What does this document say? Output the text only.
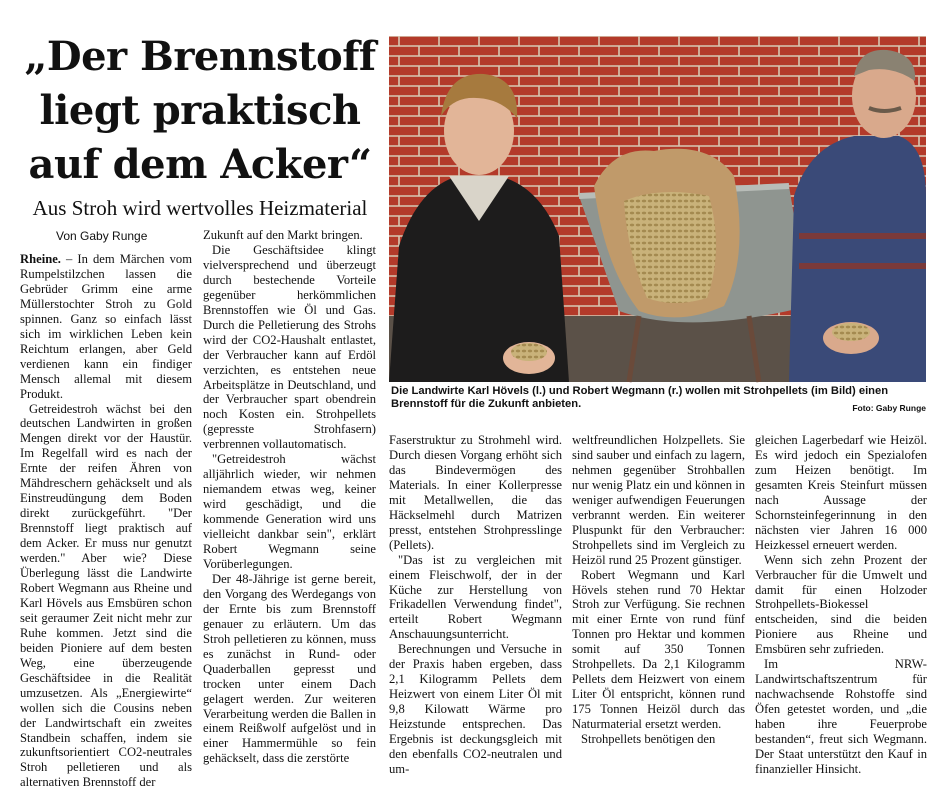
„Der Brennstoff
liegt praktisch
auf dem Acker“
Aus Stroh wird wertvolles Heizmaterial
Von Gaby Runge

Rheine. – In dem Märchen vom Rumpelstilzchen lassen die Gebrüder Grimm eine arme Müllerstochter Stroh zu Gold spinnen. Ganz so einfach lässt sich im wirklichen Leben kein Reichtum erlangen, aber Geld verdienen kann ein findiger Mensch allemal mit diesem Produkt.

Getreidestroh wächst bei den deutschen Landwirten in großen Mengen direkt vor der Haustür. Im Regelfall wird es nach der Ernte der reifen Ähren von Mähdreschern gehäckselt und als Einstreudüngung dem Boden direkt zurückgeführt. "Der Brennstoff liegt praktisch auf dem Acker. Er muss nur genutzt werden." Aber wie? Diese Überlegung lässt die Landwirte Robert Wegmann aus Rheine und Karl Hövels aus Emsbüren schon seit geraumer Zeit nicht mehr zur Ruhe kommen. Jetzt sind die beiden Pioniere auf dem besten Weg, eine überzeugende Geschäftsidee in die Realität umzusetzen. Als „Energiewirte“ wollen sich die Cousins neben der Landwirtschaft ein zweites Standbein schaffen, indem sie zukunftsorientiert CO2-neutrales Stroh pelletieren und als alternativen Brennstoff der

Zukunft auf den Markt bringen.

Die Geschäftsidee klingt vielversprechend und überzeugt durch bestechende Vorteile gegenüber herkömmlichen Brennstoffen wie Öl und Gas. Durch die Pelletierung des Strohs wird der CO2-Haushalt entlastet, der Verbraucher kann auf Erdöl verzichten, es entstehen neue Arbeitsplätze in Deutschland, und der Verbraucher spart obendrein noch Kosten ein. Strohpellets (gepresste Strohfasern) verbrennen vollautomatisch.

"Getreidestroh wächst alljährlich wieder, wir nehmen niemandem etwas weg, keiner wird geschädigt, und die kommende Generation wird uns vielleicht dankbar sein", erklärt Robert Wegmann seine Vorüberlegungen.

Der 48-Jährige ist gerne bereit, den Vorgang des Werdegangs von der Ernte bis zum Brennstoff genauer zu erläutern. Um das Stroh pelletieren zu können, muss es zunächst in Rund- oder Quaderballen gepresst und trocken unter einem Dach gelagert werden. Zur weiteren Verarbeitung werden die Ballen in einem Reißwolf aufgelöst und in einer Hammermühle so fein gehäckselt, dass die zerstörte

Faserstruktur zu Strohmehl wird. Durch diesen Vorgang erhöht sich das Bindevermögen des Materials. In einer Kollerpresse mit Metallwellen, die das Häckselmehl durch Matrizen presst, entstehen Strohpresslinge (Pellets).

"Das ist zu vergleichen mit einem Fleischwolf, der in der Küche zur Herstellung von Frikadellen Verwendung findet", erteilt Robert Wegmann Anschauungsunterricht.

Berechnungen und Versuche in der Praxis haben ergeben, dass 2,1 Kilogramm Pellets dem Heizwert von einem Liter Öl mit 9,8 Kilowatt Wärme pro Heizstunde entsprechen. Das Ergebnis ist deckungsgleich mit den ebenfalls CO2-neutralen und um-

weltfreundlichen Holzpellets. Sie sind sauber und einfach zu lagern, nehmen gegenüber Strohballen nur wenig Platz ein und können in weniger aufwendigen Feuerungen verbrannt werden. Ein weiterer Pluspunkt für den Verbraucher: Strohpellets sind im Vergleich zu Heizöl rund 25 Prozent günstiger.

Robert Wegmann und Karl Hövels stehen rund 70 Hektar Stroh zur Verfügung. Sie rechnen mit einer Ernte von rund fünf Tonnen pro Hektar und kommen somit auf 350 Tonnen Strohpellets. Da 2,1 Kilogramm Pellets dem Heizwert von einem Liter Öl entspricht, können rund 175 Tonnen Heizöl durch das Naturmaterial ersetzt werden.

Strohpellets benötigen den

gleichen Lagerbedarf wie Heizöl. Es wird jedoch ein Spezialofen zum Heizen benötigt. Im gesamten Kreis Steinfurt müssen nach Aussage der Schornsteinfegerinnung in den nächsten vier Jahren 16 000 Heizkessel erneuert werden.

Wenn sich zehn Prozent der Verbraucher für die Umwelt und damit für einen Holzoder Strohpellets-Biokessel entscheiden, sind die beiden Pioniere aus Rheine und Emsbüren sehr zufrieden.

Im NRW-Landwirtschaftszentrum für nachwachsende Rohstoffe sind Öfen getestet worden, und „die haben ihre Feuerprobe bestanden“, freut sich Wegmann. Der Staat unterstützt den Kauf in finanzieller Hinsicht.

Die Landwirte Karl Hövels (l.) und Robert Wegmann (r.) wollen mit Strohpellets (im Bild) einen Brennstoff für die Zukunft anbieten.	Foto: Gaby Runge
